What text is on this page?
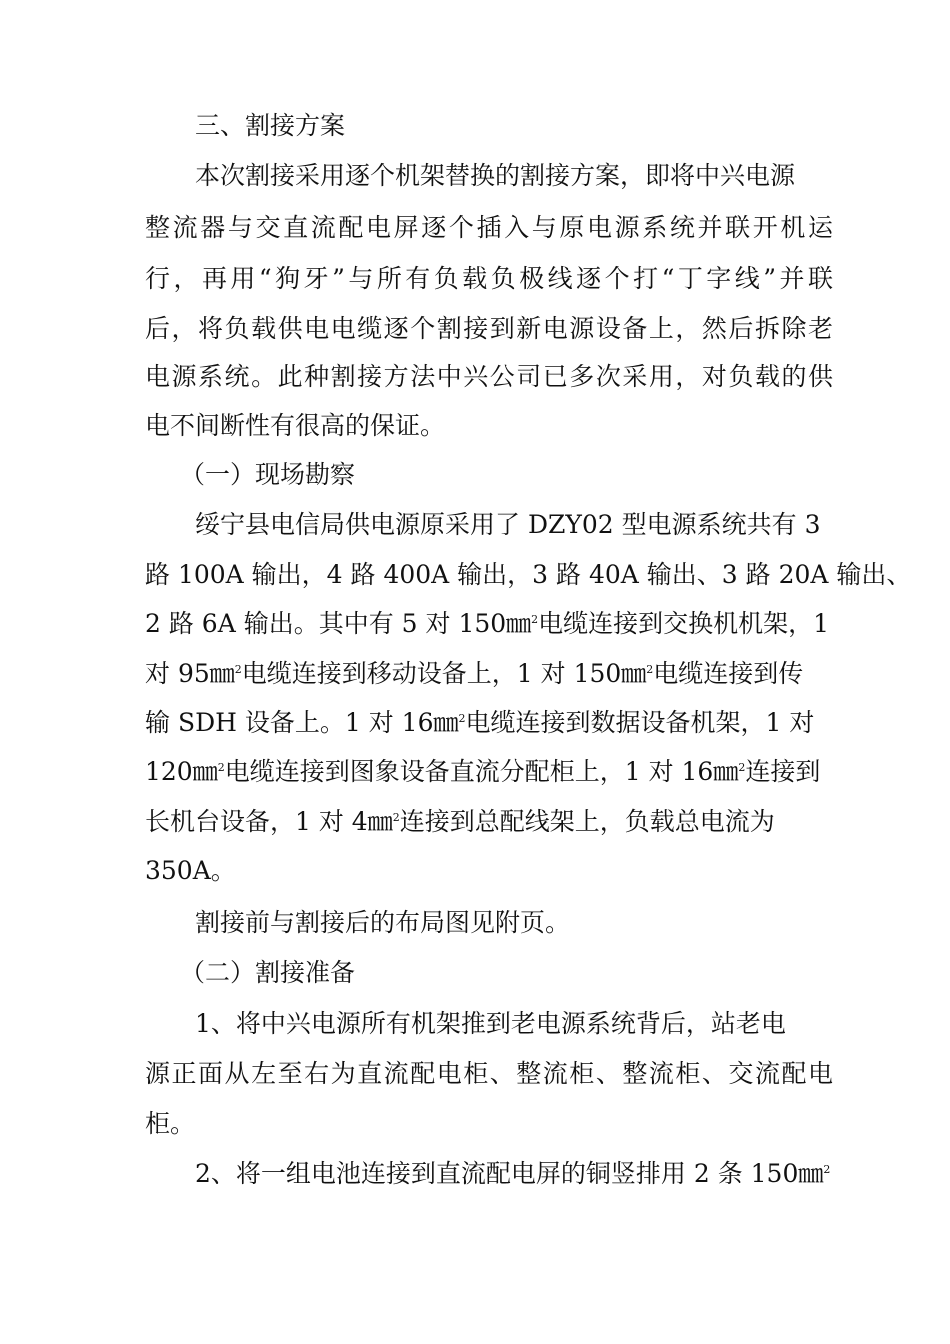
三、割接方案
本次割接采用逐个机架替换的割接方案，即将中兴电源
整流器与交直流配电屏逐个插入与原电源系统并联开机运
行，再用“狗牙”与所有负载负极线逐个打“丁字线”并联
后，将负载供电电缆逐个割接到新电源设备上，然后拆除老
电源系统。此种割接方法中兴公司已多次采用，对负载的供
电不间断性有很高的保证。
（一）现场勘察
绥宁县电信局供电源原采用了 DZY02 型电源系统共有 3
路 100A 输出，4 路 400A 输出，3 路 40A 输出、3 路 20A 输出、
2 路 6A 输出。其中有 5 对 150㎜$^2$电缆连接到交换机机架，1
对 95㎜$^2$电缆连接到移动设备上，1 对 150㎜$^2$电缆连接到传
输 SDH 设备上。1 对 16㎜$^2$电缆连接到数据设备机架，1 对
120㎜$^2$电缆连接到图象设备直流分配柜上，1 对 16㎜$^2$连接到
长机台设备，1 对 4㎜$^2$连接到总配线架上，负载总电流为
350A。
割接前与割接后的布局图见附页。
（二）割接准备
1、将中兴电源所有机架推到老电源系统背后，站老电
源正面从左至右为直流配电柜、整流柜、整流柜、交流配电
柜。
2、将一组电池连接到直流配电屏的铜竖排用 2 条 150㎜$^2$
